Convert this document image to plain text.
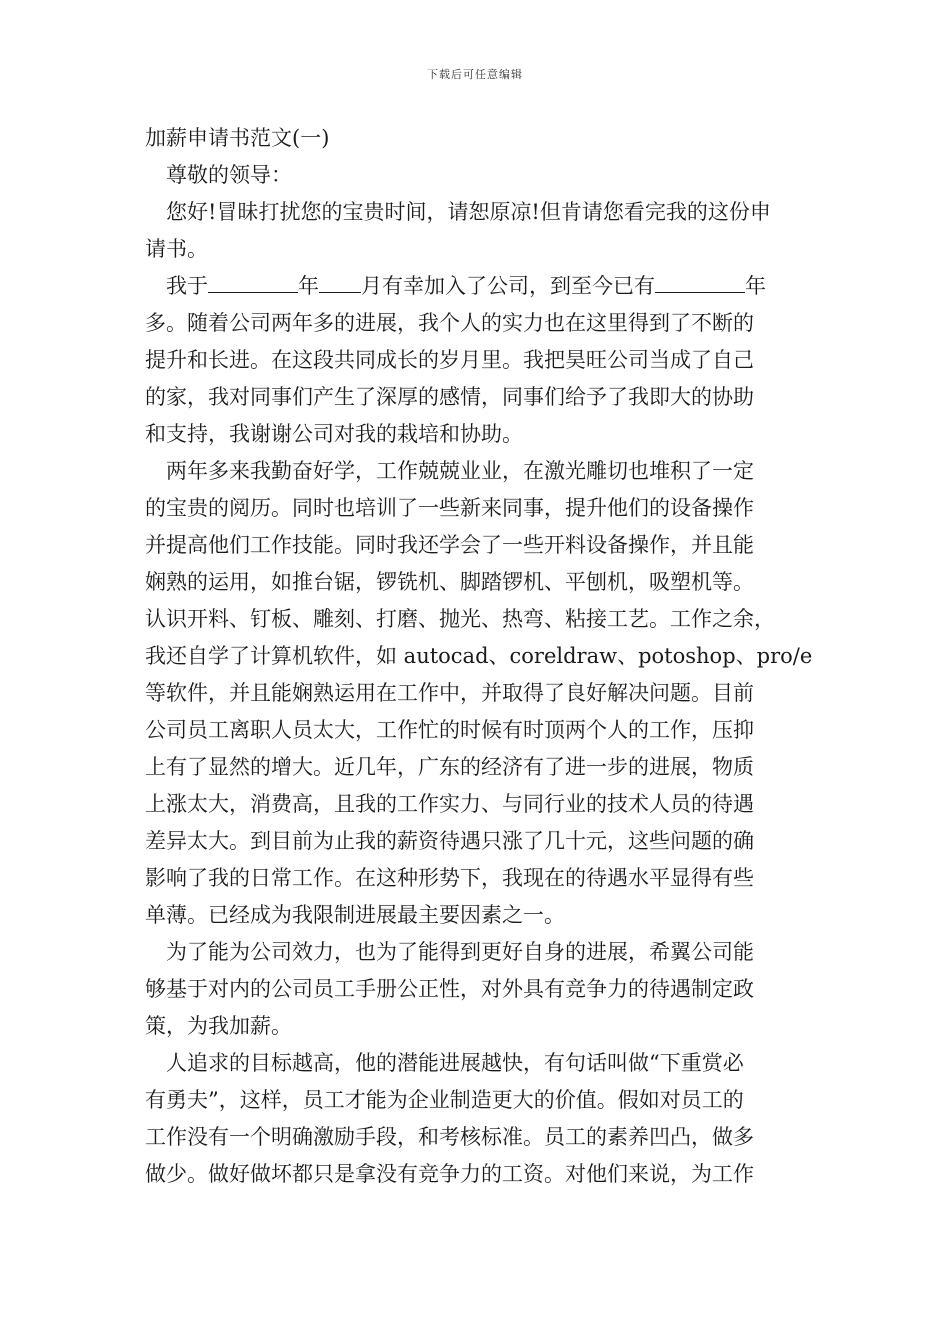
下载后可任意编辑
加薪申请书范文(一)
尊敬的领导：
您好!冒昧打扰您的宝贵时间，请恕原凉!但肯请您看完我的这份申
请书。
我于	年 月有幸加入了公司，到至今已有	年
多。随着公司两年多的进展，我个人的实力也在这里得到了不断的
提升和长进。在这段共同成长的岁月里。我把昊旺公司当成了自己
的家，我对同事们产生了深厚的感情，同事们给予了我即大的协助
和支持，我谢谢公司对我的栽培和协助。
两年多来我勤奋好学，工作兢兢业业，在激光雕切也堆积了一定
的宝贵的阅历。同时也培训了一些新来同事，提升他们的设备操作
并提高他们工作技能。同时我还学会了一些开料设备操作，并且能
娴熟的运用，如推台锯，锣铣机、脚踏锣机、平刨机，吸塑机等。
认识开料、钉板、雕刻、打磨、抛光、热弯、粘接工艺。工作之余，
我还自学了计算机软件，如 autocad、coreldraw、potoshop、pro/e
等软件，并且能娴熟运用在工作中，并取得了良好解决问题。目前
公司员工离职人员太大，工作忙的时候有时顶两个人的工作，压抑
上有了显然的增大。近几年，广东的经济有了进一步的进展，物质
上涨太大，消费高，且我的工作实力、与同行业的技术人员的待遇
差异太大。到目前为止我的薪资待遇只涨了几十元，这些问题的确
影响了我的日常工作。在这种形势下，我现在的待遇水平显得有些
单薄。已经成为我限制进展最主要因素之一。
为了能为公司效力，也为了能得到更好自身的进展，希翼公司能
够基于对内的公司员工手册公正性，对外具有竞争力的待遇制定政
策，为我加薪。
人追求的目标越高，他的潜能进展越快，有句话叫做“下重赏必
有勇夫”，这样，员工才能为企业制造更大的价值。假如对员工的
工作没有一个明确激励手段，和考核标准。员工的素养凹凸，做多
做少。做好做坏都只是拿没有竞争力的工资。对他们来说，为工作
